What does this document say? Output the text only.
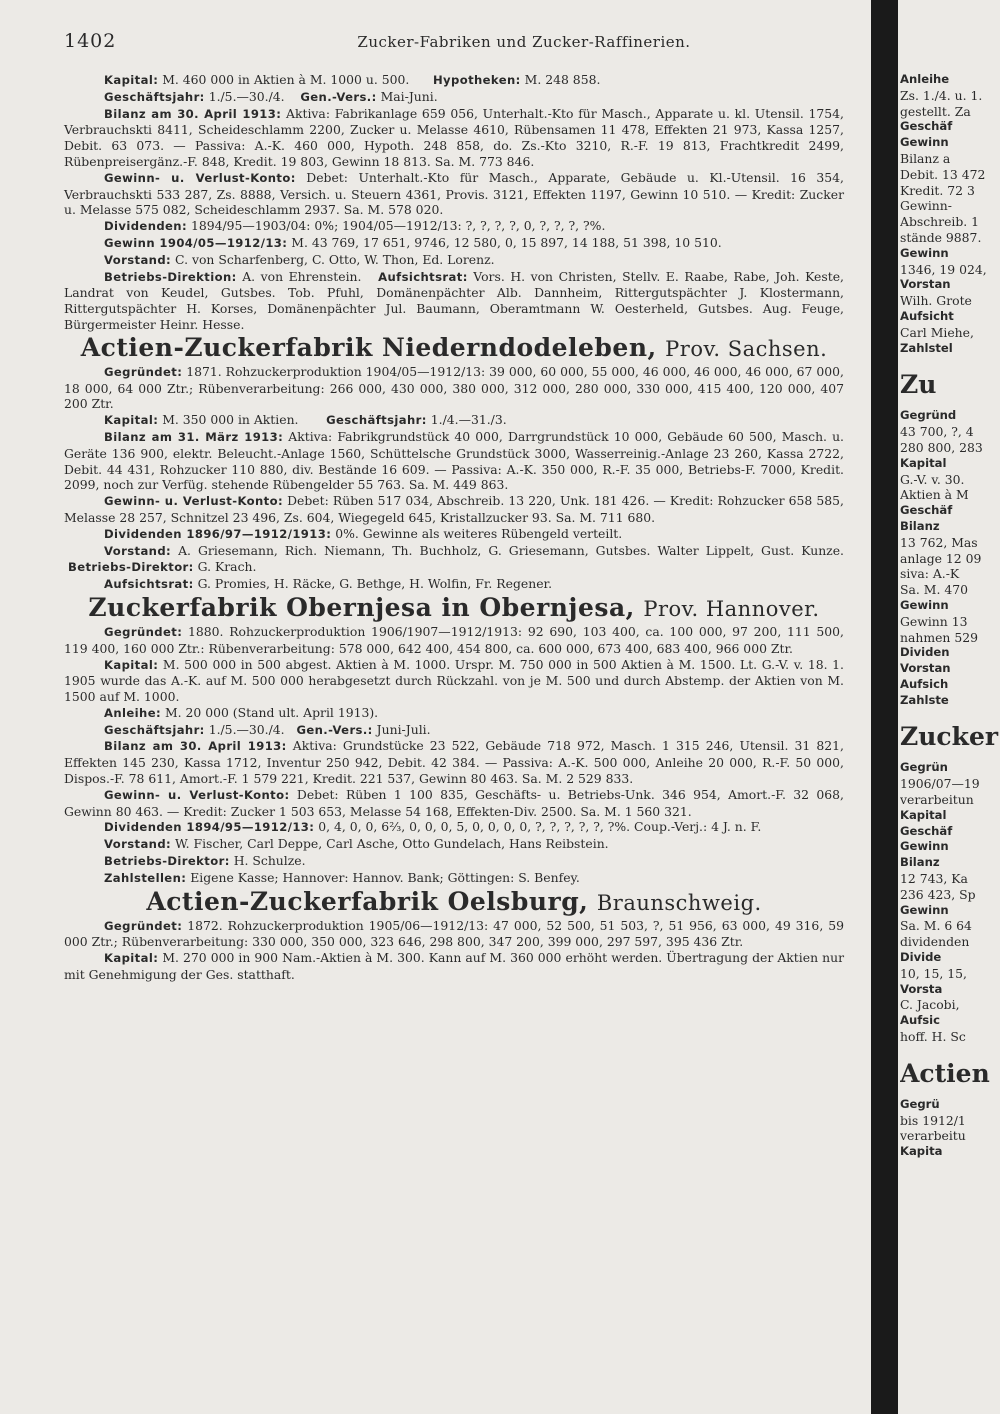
1402	Zucker-Fabriken und Zucker-Raffinerien.

Kapital: M. 460 000 in Aktien à M. 1000 u. 500. Hypotheken: M. 248 858.

Geschäftsjahr: 1./5.—30./4. Gen.-Vers.: Mai-Juni.

Bilanz am 30. April 1913: Aktiva: Fabrikanlage 659 056, Unterhalt.-Kto für Masch., Apparate u. kl. Utensil. 1754, Verbrauchskti 8411, Scheideschlamm 2200, Zucker u. Melasse 4610, Rübensamen 11 478, Effekten 21 973, Kassa 1257, Debit. 63 073. — Passiva: A.-K. 460 000, Hypoth. 248 858, do. Zs.-Kto 3210, R.-F. 19 813, Frachtkredit 2499, Rübenpreisergänz.-F. 848, Kredit. 19 803, Gewinn 18 813. Sa. M. 773 846.

Gewinn- u. Verlust-Konto: Debet: Unterhalt.-Kto für Masch., Apparate, Gebäude u. Kl.-Utensil. 16 354, Verbrauchskti 533 287, Zs. 8888, Versich. u. Steuern 4361, Provis. 3121, Effekten 1197, Gewinn 10 510. — Kredit: Zucker u. Melasse 575 082, Scheideschlamm 2937. Sa. M. 578 020.

Dividenden: 1894/95—1903/04: 0%; 1904/05—1912/13: ?, ?, ?, ?, 0, ?, ?, ?, ?%.

Gewinn 1904/05—1912/13: M. 43 769, 17 651, 9746, 12 580, 0, 15 897, 14 188, 51 398, 10 510.

Vorstand: C. von Scharfenberg, C. Otto, W. Thon, Ed. Lorenz.

Betriebs-Direktion: A. von Ehrenstein. Aufsichtsrat: Vors. H. von Christen, Stellv. E. Raabe, Rabe, Joh. Keste, Landrat von Keudel, Gutsbes. Tob. Pfuhl, Domänenpächter Alb. Dannheim, Rittergutspächter J. Klostermann, Rittergutspächter H. Korses, Domänenpächter Jul. Baumann, Oberamtmann W. Oesterheld, Gutsbes. Aug. Feuge, Bürgermeister Heinr. Hesse.

Actien-Zuckerfabrik Niederndodeleben, Prov. Sachsen.

Gegründet: 1871. Rohzuckerproduktion 1904/05—1912/13: 39 000, 60 000, 55 000, 46 000, 46 000, 46 000, 67 000, 18 000, 64 000 Ztr.; Rübenverarbeitung: 266 000, 430 000, 380 000, 312 000, 280 000, 330 000, 415 400, 120 000, 407 200 Ztr.

Kapital: M. 350 000 in Aktien. Geschäftsjahr: 1./4.—31./3.

Bilanz am 31. März 1913: Aktiva: Fabrikgrundstück 40 000, Darrgrundstück 10 000, Gebäude 60 500, Masch. u. Geräte 136 900, elektr. Beleucht.-Anlage 1560, Schüttelsche Grundstück 3000, Wasserreinig.-Anlage 23 260, Kassa 2722, Debit. 44 431, Rohzucker 110 880, div. Bestände 16 609. — Passiva: A.-K. 350 000, R.-F. 35 000, Betriebs-F. 7000, Kredit. 2099, noch zur Verfüg. stehende Rübengelder 55 763. Sa. M. 449 863.

Gewinn- u. Verlust-Konto: Debet: Rüben 517 034, Abschreib. 13 220, Unk. 181 426. — Kredit: Rohzucker 658 585, Melasse 28 257, Schnitzel 23 496, Zs. 604, Wiegegeld 645, Kristallzucker 93. Sa. M. 711 680.

Dividenden 1896/97—1912/1913: 0%. Gewinne als weiteres Rübengeld verteilt.

Vorstand: A. Griesemann, Rich. Niemann, Th. Buchholz, G. Griesemann, Gutsbes. Walter Lippelt, Gust. Kunze.  Betriebs-Direktor: G. Krach.

Aufsichtsrat: G. Promies, H. Räcke, G. Bethge, H. Wolfin, Fr. Regener.

Zuckerfabrik Obernjesa in Obernjesa, Prov. Hannover.

Gegründet: 1880. Rohzuckerproduktion 1906/1907—1912/1913: 92 690, 103 400, ca. 100 000, 97 200, 111 500, 119 400, 160 000 Ztr.: Rübenverarbeitung: 578 000, 642 400, 454 800, ca. 600 000, 673 400, 683 400, 966 000 Ztr.

Kapital: M. 500 000 in 500 abgest. Aktien à M. 1000. Urspr. M. 750 000 in 500 Aktien à M. 1500. Lt. G.-V. v. 18. 1. 1905 wurde das A.-K. auf M. 500 000 herabgesetzt durch Rückzahl. von je M. 500 und durch Abstemp. der Aktien von M. 1500 auf M. 1000.

Anleihe: M. 20 000 (Stand ult. April 1913).

Geschäftsjahr: 1./5.—30./4. Gen.-Vers.: Juni-Juli.

Bilanz am 30. April 1913: Aktiva: Grundstücke 23 522, Gebäude 718 972, Masch. 1 315 246, Utensil. 31 821, Effekten 145 230, Kassa 1712, Inventur 250 942, Debit. 42 384. — Passiva: A.-K. 500 000, Anleihe 20 000, R.-F. 50 000, Dispos.-F. 78 611, Amort.-F. 1 579 221, Kredit. 221 537, Gewinn 80 463. Sa. M. 2 529 833.

Gewinn- u. Verlust-Konto: Debet: Rüben 1 100 835, Geschäfts- u. Betriebs-Unk. 346 954, Amort.-F. 32 068, Gewinn 80 463. — Kredit: Zucker 1 503 653, Melasse 54 168, Effekten-Div. 2500. Sa. M. 1 560 321.

Dividenden 1894/95—1912/13: 0, 4, 0, 0, 6⅔, 0, 0, 0, 5, 0, 0, 0, 0, ?, ?, ?, ?, ?, ?%. Coup.-Verj.: 4 J. n. F.

Vorstand: W. Fischer, Carl Deppe, Carl Asche, Otto Gundelach, Hans Reibstein.

Betriebs-Direktor: H. Schulze.

Zahlstellen: Eigene Kasse; Hannover: Hannov. Bank; Göttingen: S. Benfey.

Actien-Zuckerfabrik Oelsburg, Braunschweig.

Gegründet: 1872. Rohzuckerproduktion 1905/06—1912/13: 47 000, 52 500, 51 503, ?, 51 956, 63 000, 49 316, 59 000 Ztr.; Rübenverarbeitung: 330 000, 350 000, 323 646, 298 800, 347 200, 399 000, 297 597, 395 436 Ztr.

Kapital: M. 270 000 in 900 Nam.-Aktien à M. 300. Kann auf M. 360 000 erhöht werden. Übertragung der Aktien nur mit Genehmigung der Ges. statthaft.

Anleihe
Zs. 1./4. u. 1.
gestellt. Za
Geschäf
Gewinn
Bilanz a
Debit. 13 472
Kredit. 72 3
Gewinn-
Abschreib. 1
stände 9887.
Gewinn
1346, 19 024,
Vorstan
Wilh. Grote
Aufsicht
Carl Miehe,
Zahlstel
Zu
Gegründ
43 700, ?, 4
280 800, 283
Kapital
G.-V. v. 30.
Aktien à M
Geschäf
Bilanz
13 762, Mas
anlage 12 09
siva: A.-K
Sa. M. 470
Gewinn
Gewinn 13
nahmen 529
Dividen
Vorstan
Aufsich
Zahlste
Zucker
Gegrün
1906/07—19
verarbeitun
Kapital
Geschäf
Gewinn
Bilanz
12 743, Ka
236 423, Sp
Gewinn
Sa. M. 6 64
dividenden
Divide
10, 15, 15,
Vorsta
C. Jacobi,
Aufsic
hoff. H. Sc
Actien
Gegrü
bis 1912/1
verarbeitu
Kapita
